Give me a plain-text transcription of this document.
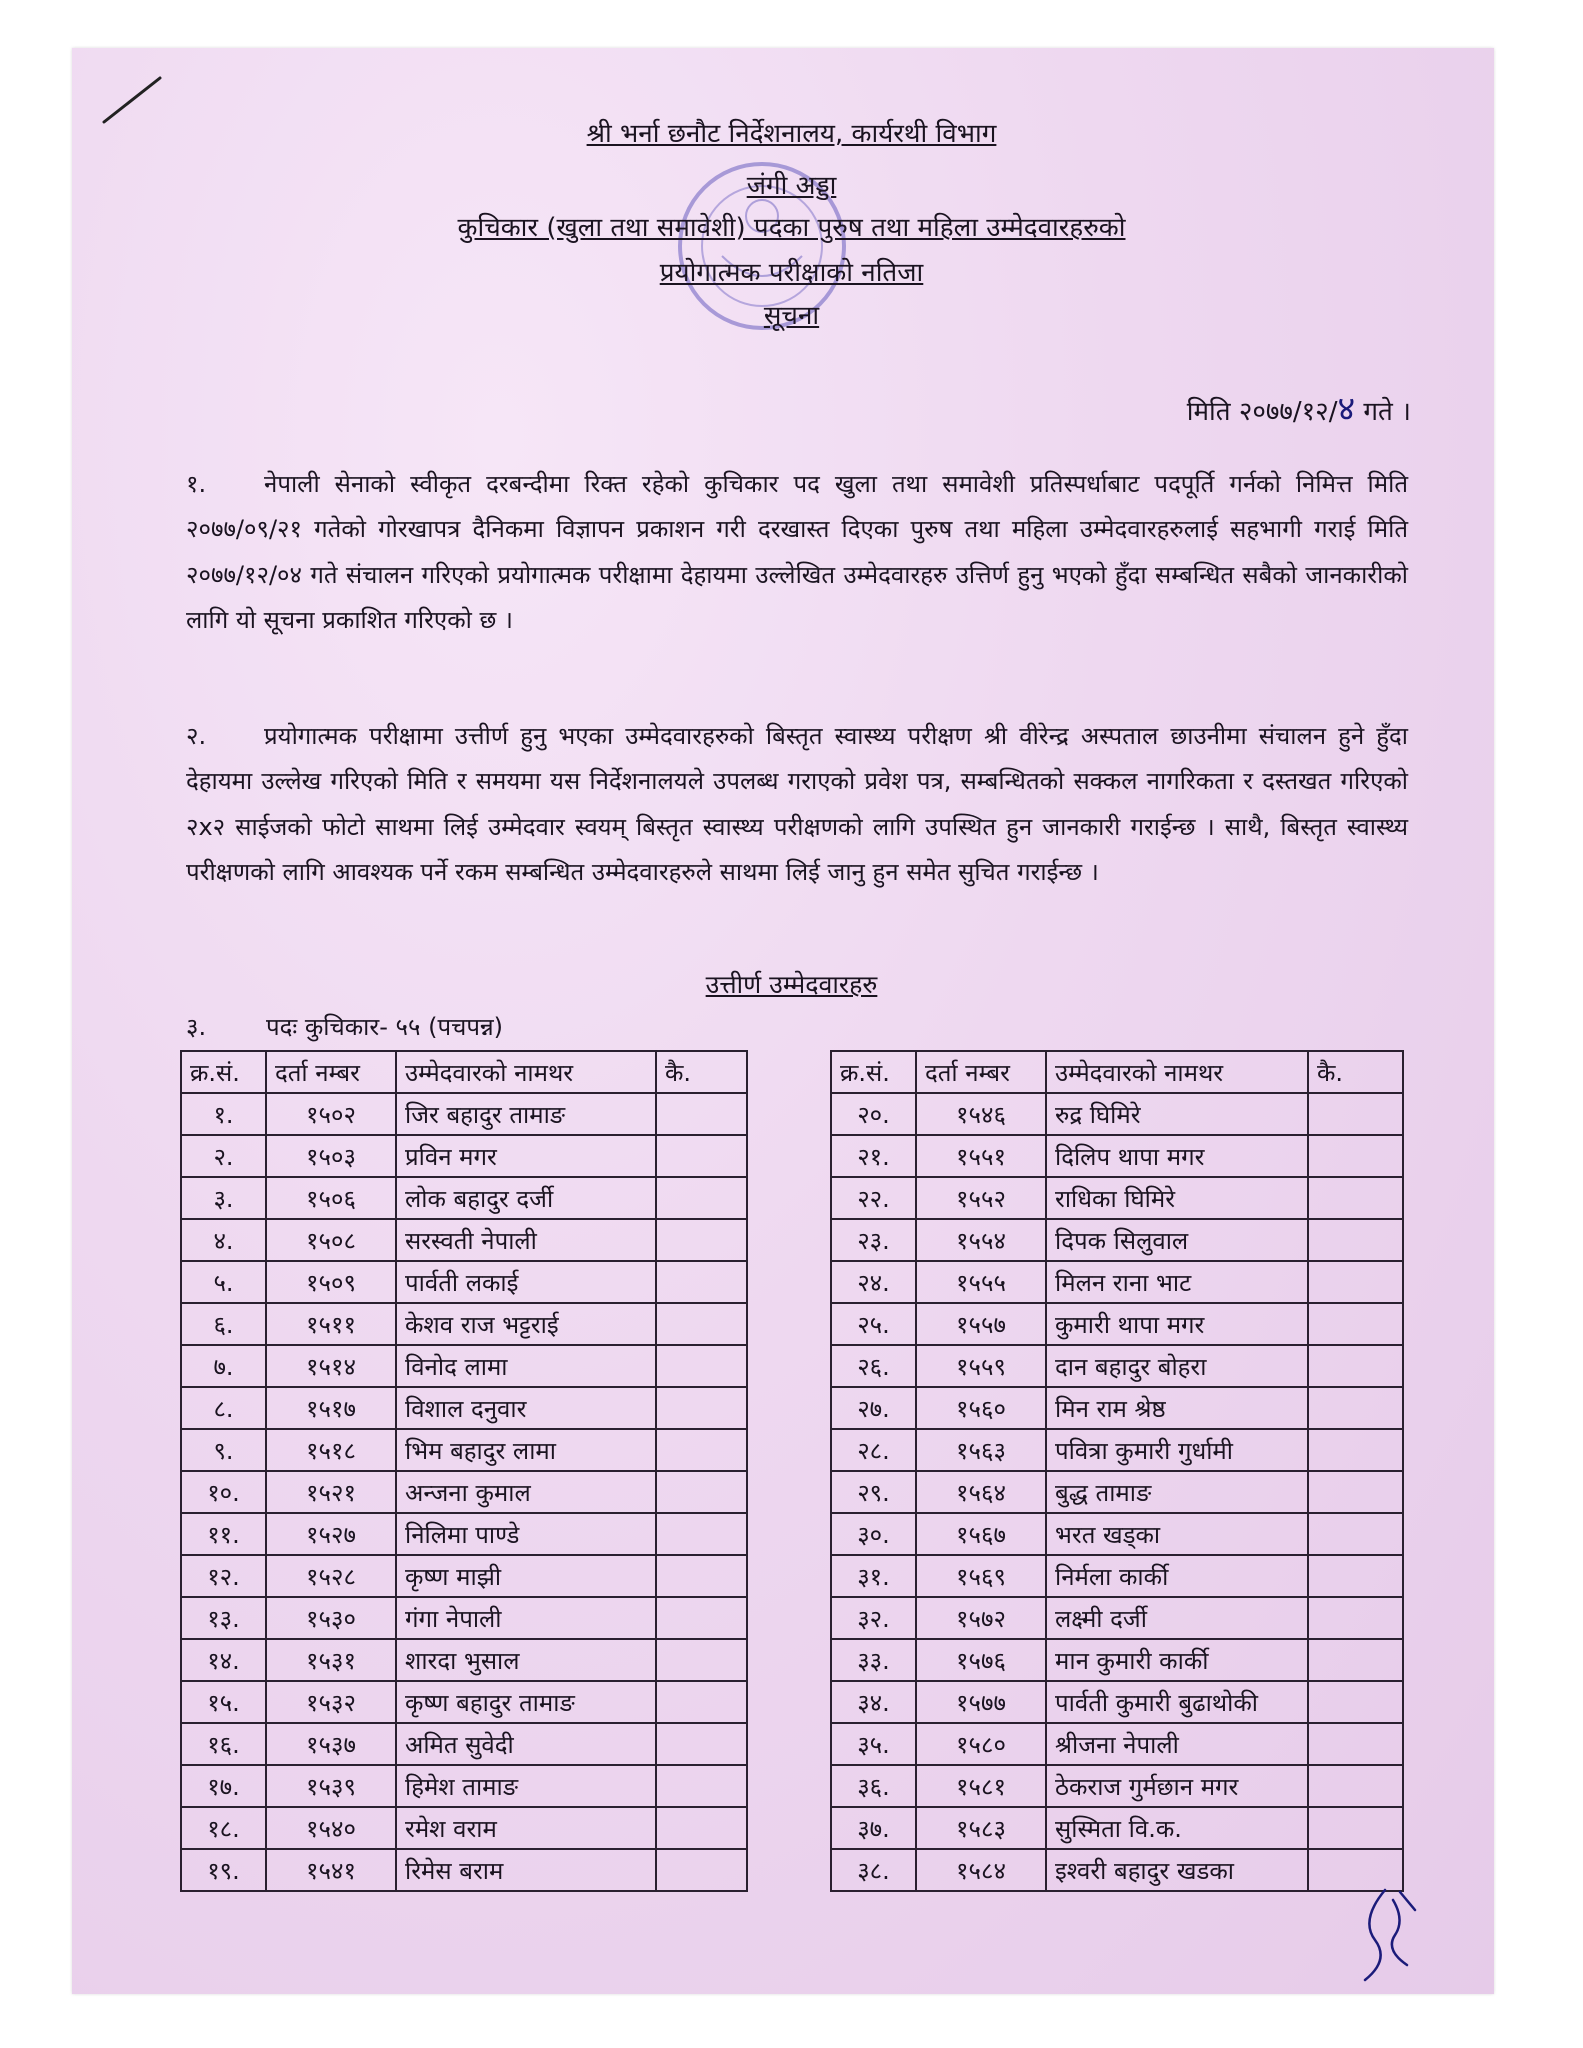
श्री भर्ना छनौट निर्देशनालय, कार्यरथी विभाग
जंगी अड्डा
कुचिकार (खुला तथा समावेशी) पदका पुरुष तथा महिला उम्मेदवारहरुको
प्रयोगात्मक परीक्षाको नतिजा
सूचना
मिति २०७७/१२/४ गते ।
१. नेपाली सेनाको स्वीकृत दरबन्दीमा रिक्त रहेको कुचिकार पद खुला तथा समावेशी प्रतिस्पर्धाबाट पदपूर्ति गर्नको निमित्त मिति २०७७/०९/२१ गतेको गोरखापत्र दैनिकमा विज्ञापन प्रकाशन गरी दरखास्त दिएका पुरुष तथा महिला उम्मेदवारहरुलाई सहभागी गराई मिति २०७७/१२/०४ गते संचालन गरिएको प्रयोगात्मक परीक्षामा देहायमा उल्लेखित उम्मेदवारहरु उत्तिर्ण हुनु भएको हुँदा सम्बन्धित सबैको जानकारीको लागि यो सूचना प्रकाशित गरिएको छ ।
२. प्रयोगात्मक परीक्षामा उत्तीर्ण हुनु भएका उम्मेदवारहरुको बिस्तृत स्वास्थ्य परीक्षण श्री वीरेन्द्र अस्पताल छाउनीमा संचालन हुने हुँदा देहायमा उल्लेख गरिएको मिति र समयमा यस निर्देशनालयले उपलब्ध गराएको प्रवेश पत्र, सम्बन्धितको सक्कल नागरिकता र दस्तखत गरिएको २x२ साईजको फोटो साथमा लिई उम्मेदवार स्वयम् बिस्तृत स्वास्थ्य परीक्षणको लागि उपस्थित हुन जानकारी गराईन्छ । साथै, बिस्तृत स्वास्थ्य परीक्षणको लागि आवश्यक पर्ने रकम सम्बन्धित उम्मेदवारहरुले साथमा लिई जानु हुन समेत सुचित गराईन्छ ।
उत्तीर्ण उम्मेदवारहरु
३. पदः कुचिकार- ५५ (पचपन्न)
क्र.सं.	दर्ता नम्बर	उम्मेदवारको नामथर	कै.
१.	१५०२	जिर बहादुर तामाङ	
२.	१५०३	प्रविन मगर	
३.	१५०६	लोक बहादुर दर्जी	
४.	१५०८	सरस्वती नेपाली	
५.	१५०९	पार्वती लकाई	
६.	१५११	केशव राज भट्टराई	
७.	१५१४	विनोद लामा	
८.	१५१७	विशाल दनुवार	
९.	१५१८	भिम बहादुर लामा	
१०.	१५२१	अन्जना कुमाल	
११.	१५२७	निलिमा पाण्डे	
१२.	१५२८	कृष्ण माझी	
१३.	१५३०	गंगा नेपाली	
१४.	१५३१	शारदा भुसाल	
१५.	१५३२	कृष्ण बहादुर तामाङ	
१६.	१५३७	अमित सुवेदी	
१७.	१५३९	हिमेश तामाङ	
१८.	१५४०	रमेश वराम	
१९.	१५४१	रिमेस बराम	
क्र.सं.	दर्ता नम्बर	उम्मेदवारको नामथर	कै.
२०.	१५४६	रुद्र घिमिरे	
२१.	१५५१	दिलिप थापा मगर	
२२.	१५५२	राधिका घिमिरे	
२३.	१५५४	दिपक सिलुवाल	
२४.	१५५५	मिलन राना भाट	
२५.	१५५७	कुमारी थापा मगर	
२६.	१५५९	दान बहादुर बोहरा	
२७.	१५६०	मिन राम श्रेष्ठ	
२८.	१५६३	पवित्रा कुमारी गुर्धामी	
२९.	१५६४	बुद्ध तामाङ	
३०.	१५६७	भरत खड्का	
३१.	१५६९	निर्मला कार्की	
३२.	१५७२	लक्ष्मी दर्जी	
३३.	१५७६	मान कुमारी कार्की	
३४.	१५७७	पार्वती कुमारी बुढाथोकी	
३५.	१५८०	श्रीजना नेपाली	
३६.	१५८१	ठेकराज गुर्मछान मगर	
३७.	१५८३	सुस्मिता वि.क.	
३८.	१५८४	इश्वरी बहादुर खडका	
